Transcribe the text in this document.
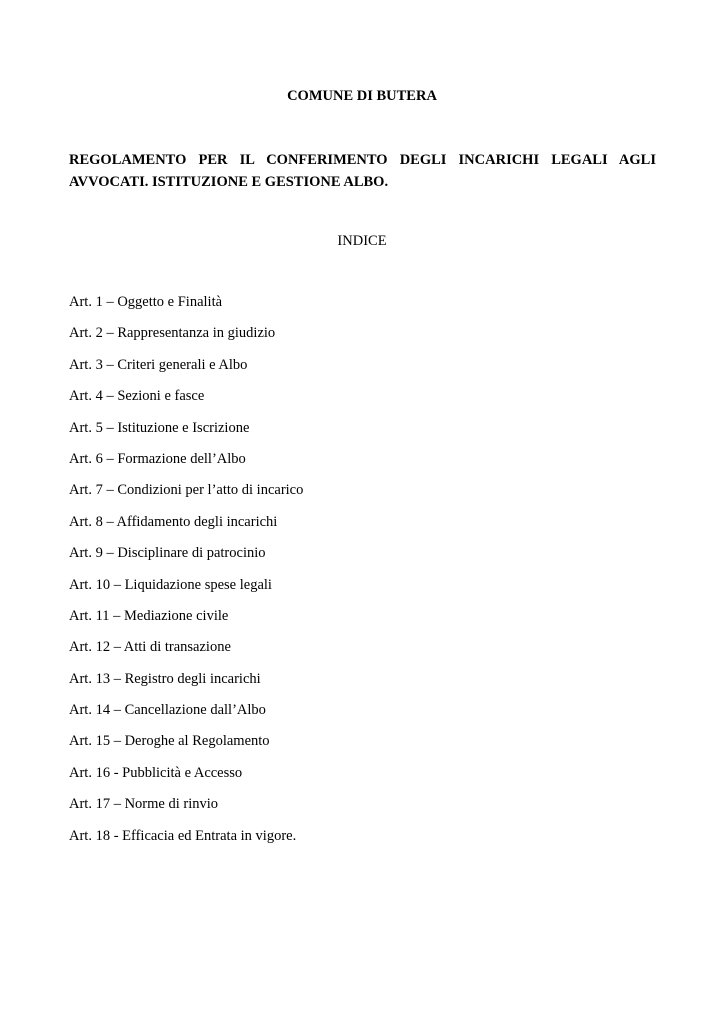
COMUNE DI BUTERA
REGOLAMENTO PER IL CONFERIMENTO DEGLI INCARICHI LEGALI AGLI
AVVOCATI. ISTITUZIONE E GESTIONE ALBO.
INDICE
Art. 1 – Oggetto e Finalità
Art. 2 – Rappresentanza in giudizio
Art. 3 – Criteri generali e Albo
Art. 4 – Sezioni e fasce
Art. 5 – Istituzione e Iscrizione
Art. 6 – Formazione dell’Albo
Art. 7 – Condizioni per l’atto di incarico
Art. 8 – Affidamento degli incarichi
Art. 9 – Disciplinare di patrocinio
Art. 10 – Liquidazione spese legali
Art. 11 – Mediazione civile
Art. 12 – Atti di transazione
Art. 13 – Registro degli incarichi
Art. 14 – Cancellazione dall’Albo
Art. 15 – Deroghe al Regolamento
Art. 16 - Pubblicità e Accesso
Art. 17 – Norme di rinvio
Art. 18 - Efficacia ed Entrata in vigore.
